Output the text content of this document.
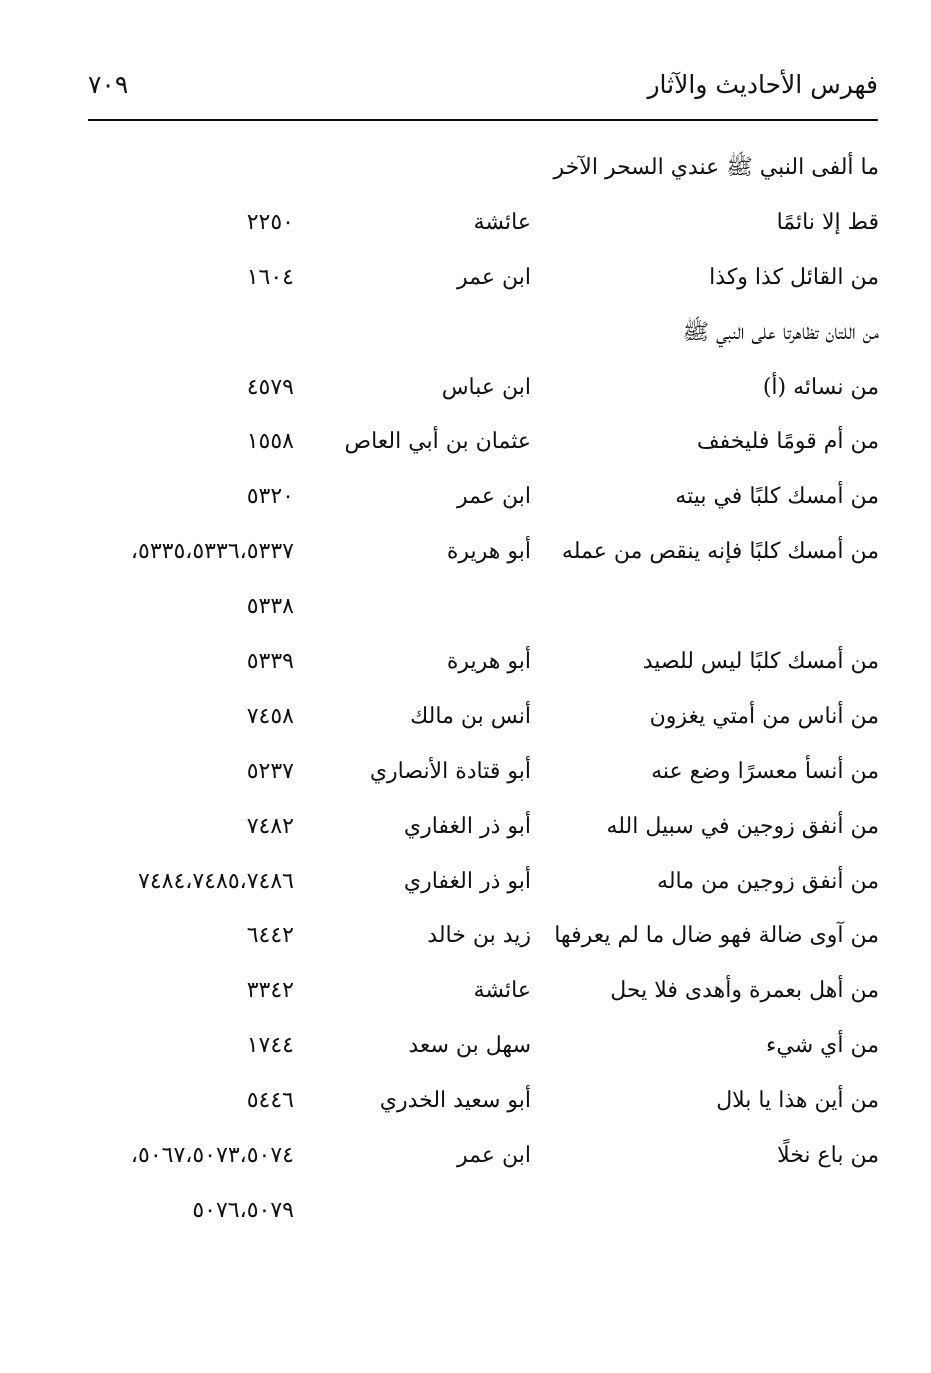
فهرس الأحاديث والآثار
٧٠٩
ما ألفى النبي ﷺ عندي السحر الآخر
قط إلا نائمًا
عائشة
٢٢٥٠
من القائل كذا وكذا
ابن عمر
١٦٠٤
من اللتان تظاهرتا على النبي ﷺ
من نسائه (أ)
ابن عباس
٤٥٧٩
من أم قومًا فليخفف
عثمان بن أبي العاص
١٥٥٨
من أمسك كلبًا في بيته
ابن عمر
٥٣٢٠
من أمسك كلبًا فإنه ينقص من عمله
أبو هريرة
٥٣٣٥،٥٣٣٦،٥٣٣٧،
٥٣٣٨
من أمسك كلبًا ليس للصيد
أبو هريرة
٥٣٣٩
من أناس من أمتي يغزون
أنس بن مالك
٧٤٥٨
من أنسأ معسرًا وضع عنه
أبو قتادة الأنصاري
٥٢٣٧
من أنفق زوجين في سبيل الله
أبو ذر الغفاري
٧٤٨٢
من أنفق زوجين من ماله
أبو ذر الغفاري
٧٤٨٤،٧٤٨٥،٧٤٨٦
من آوى ضالة فهو ضال ما لم يعرفها
زيد بن خالد
٦٤٤٢
من أهل بعمرة وأهدى فلا يحل
عائشة
٣٣٤٢
من أي شيء
سهل بن سعد
١٧٤٤
من أين هذا يا بلال
أبو سعيد الخدري
٥٤٤٦
من باع نخلًا
ابن عمر
٥٠٦٧،٥٠٧٣،٥٠٧٤،
٥٠٧٦،٥٠٧٩
